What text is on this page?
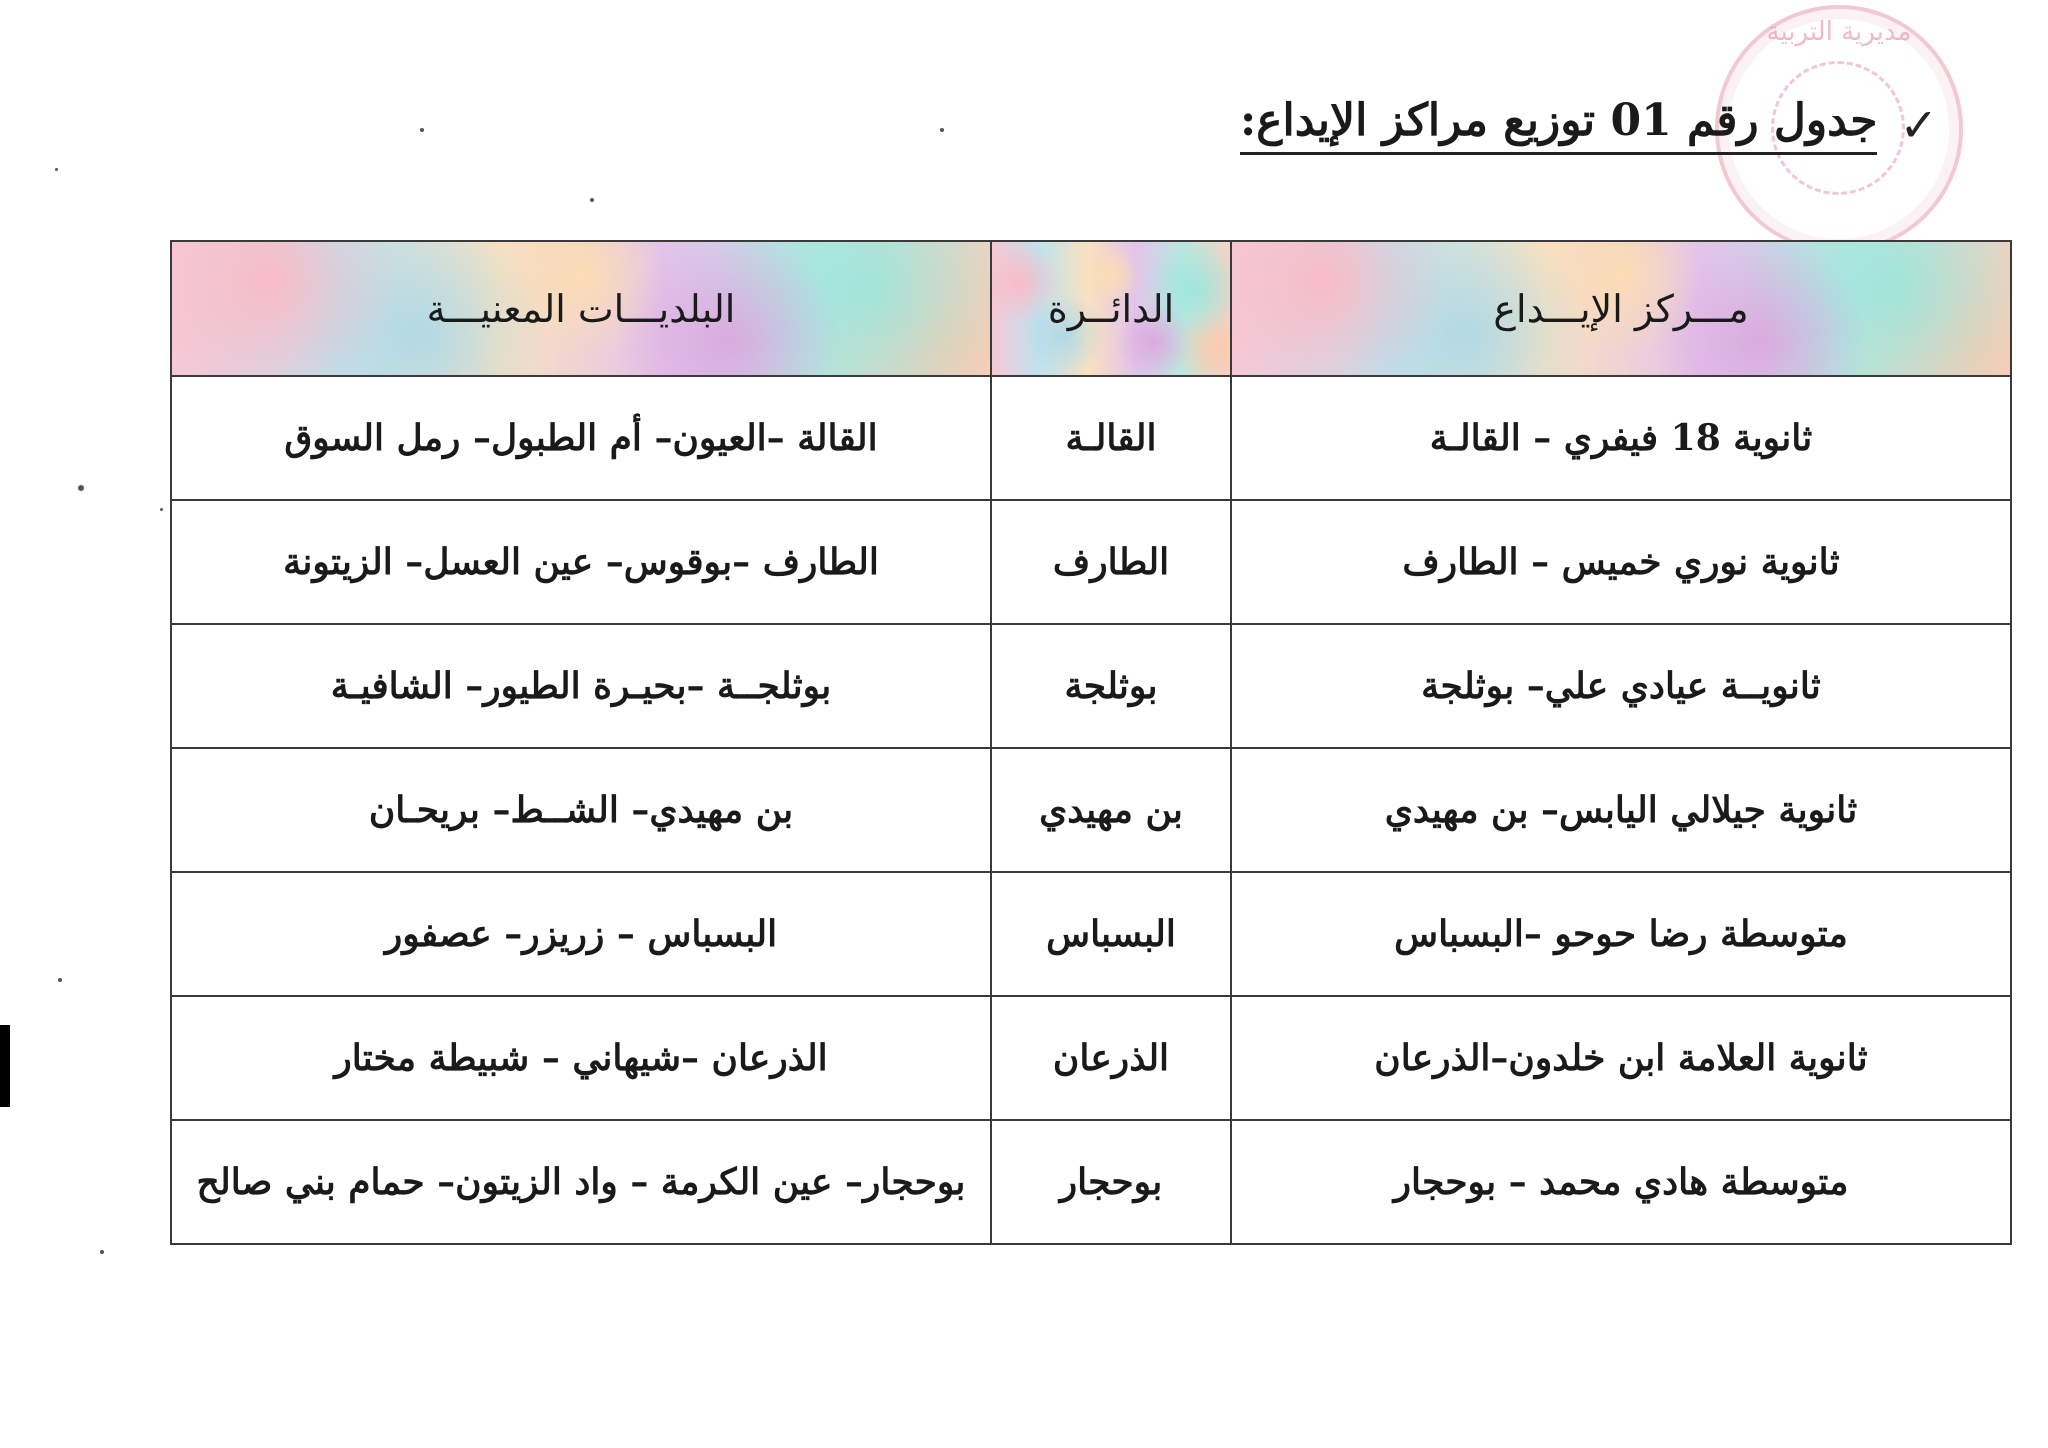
مديرية التربية
✓
جدول رقم 01 توزيع مراكز الإيداع:
مـــركز الإيـــداع	الدائــرة	البلديـــات المعنيـــة
ثانوية 18 فيفري – القالـة	القالـة	القالة –العيون– أم الطبول– رمل السوق
ثانوية نوري خميس – الطارف	الطارف	الطارف –بوقوس– عين العسل– الزيتونة
ثانويــة عيادي علي– بوثلجة	بوثلجة	بوثلجــة –بحيـرة الطيور– الشافيـة
ثانوية جيلالي اليابس– بن مهيدي	بن مهيدي	بن مهيدي– الشــط– بريحـان
متوسطة رضا حوحو –البسباس	البسباس	البسباس – زريزر– عصفور
ثانوية العلامة ابن خلدون–الذرعان	الذرعان	الذرعان –شيهاني – شبيطة مختار
متوسطة هادي محمد – بوحجار	بوحجار	بوحجار– عين الكرمة – واد الزيتون– حمام بني صالح
